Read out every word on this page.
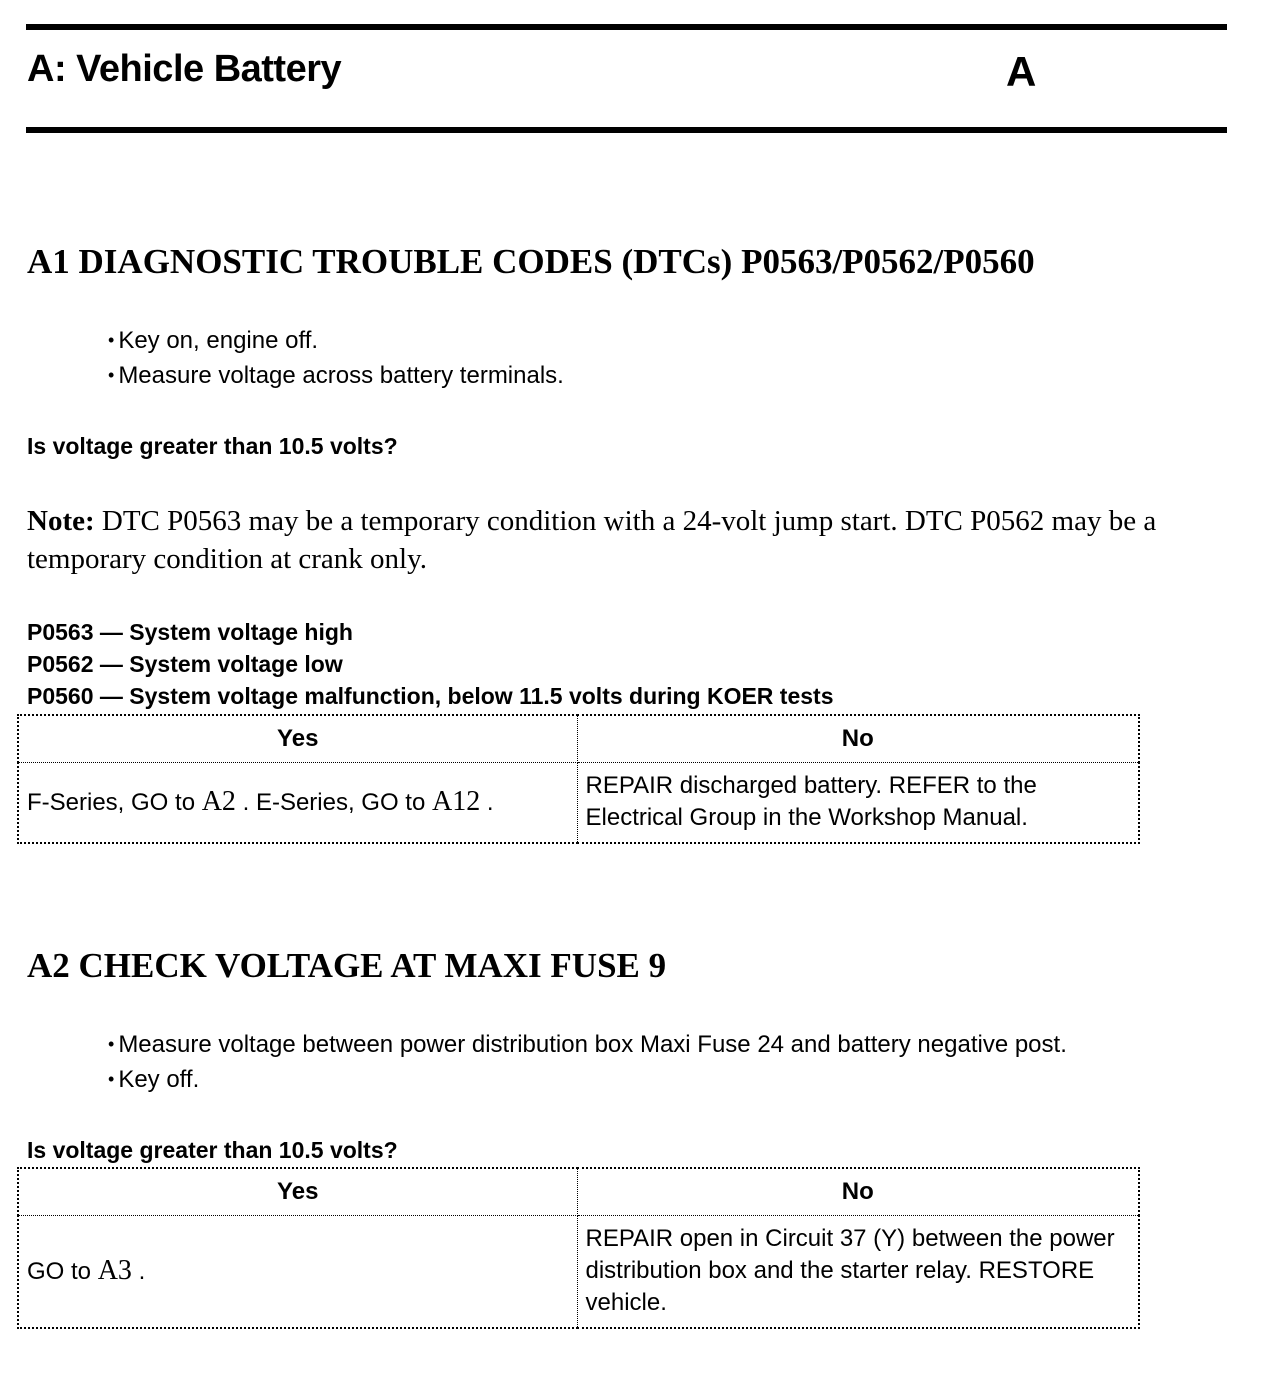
A: Vehicle Battery	A
A1 DIAGNOSTIC TROUBLE CODES (DTCs) P0563/P0562/P0560
• Key on, engine off.
• Measure voltage across battery terminals.
Is voltage greater than 10.5 volts?
Note: DTC P0563 may be a temporary condition with a 24-volt jump start. DTC P0562 may be a temporary condition at crank only.
P0563 — System voltage high
P0562 — System voltage low
P0560 — System voltage malfunction, below 11.5 volts during KOER tests
Yes	No
F-Series, GO to A2 . E-Series, GO to A12 .	REPAIR discharged battery. REFER to the Electrical Group in the Workshop Manual.
A2 CHECK VOLTAGE AT MAXI FUSE 9
• Measure voltage between power distribution box Maxi Fuse 24 and battery negative post.
• Key off.
Is voltage greater than 10.5 volts?
Yes	No
GO to A3 .	REPAIR open in Circuit 37 (Y) between the power distribution box and the starter relay. RESTORE vehicle.
